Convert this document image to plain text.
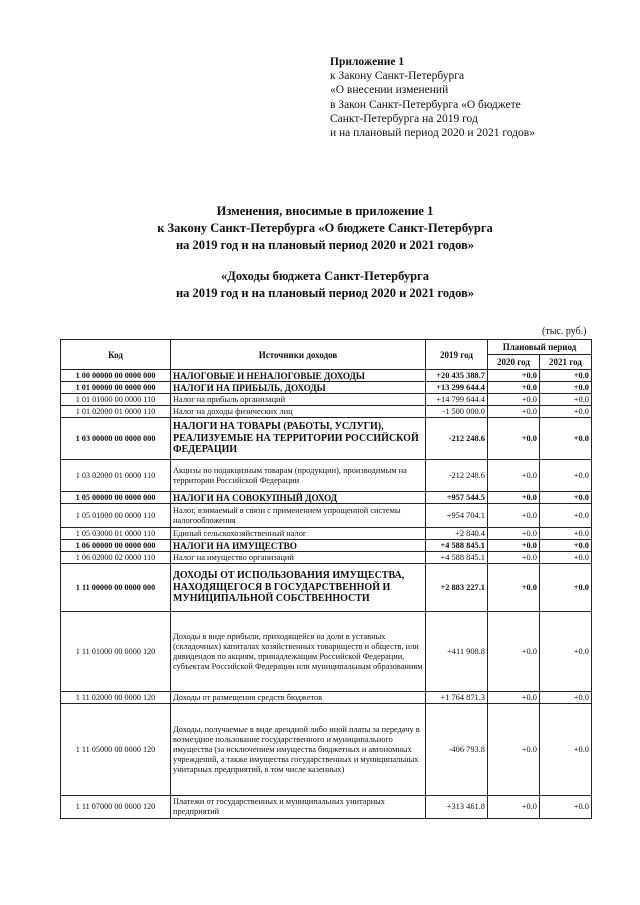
Приложение 1
к Закону Санкт-Петербурга
«О внесении изменений
в Закон Санкт-Петербурга «О бюджете
Санкт-Петербурга на 2019 год
и на плановый период 2020 и 2021 годов»
Изменения, вносимые в приложение 1
к Закону Санкт-Петербурга «О бюджете Санкт-Петербурга
на 2019 год и на плановый период 2020 и 2021 годов»
«Доходы бюджета Санкт-Петербурга
на 2019 год и на плановый период 2020 и 2021 годов»
(тыс. руб.)
Код	Источники доходов	2019 год	Плановый период	
			2020 год	2021 год
1 00 00000 00 0000 000	НАЛОГОВЫЕ И НЕНАЛОГОВЫЕ ДОХОДЫ	+20 435 388.7	+0.0	+0.0
1 01 00000 00 0000 000	НАЛОГИ НА ПРИБЫЛЬ, ДОХОДЫ	+13 299 644.4	+0.0	+0.0
1 01 01000 00 0000 110	Налог на прибыль организаций	+14 799 644.4	+0.0	+0.0
1 01 02000 01 0000 110	Налог на доходы физических лиц	-1 500 000.0	+0.0	+0.0
1 03 00000 00 0000 000	НАЛОГИ НА ТОВАРЫ (РАБОТЫ, УСЛУГИ), РЕАЛИЗУЕМЫЕ НА ТЕРРИТОРИИ РОССИЙСКОЙ ФЕДЕРАЦИИ	-212 248.6	+0.0	+0.0
1 03 02000 01 0000 110	Акцизы по подакцизным товарам (продукции), производимым на территории Российской Федерации	-212 248.6	+0.0	+0.0
1 05 00000 00 0000 000	НАЛОГИ НА СОВОКУПНЫЙ ДОХОД	+957 544.5	+0.0	+0.0
1 05 01000 00 0000 110	Налог, взимаемый в связи с применением упрощенной системы налогообложения	+954 704.1	+0.0	+0.0
1 05 03000 01 0000 110	Единый сельскохозяйственный налог	+2 840.4	+0.0	+0.0
1 06 00000 00 0000 000	НАЛОГИ НА ИМУЩЕСТВО	+4 588 845.1	+0.0	+0.0
1 06 02000 02 0000 110	Налог на имущество организаций	+4 588 845.1	+0.0	+0.0
1 11 00000 00 0000 000	ДОХОДЫ ОТ ИСПОЛЬЗОВАНИЯ ИМУЩЕСТВА, НАХОДЯЩЕГОСЯ В ГОСУДАРСТВЕННОЙ И МУНИЦИПАЛЬНОЙ СОБСТВЕННОСТИ	+2 883 227.1	+0.0	+0.0
1 11 01000 00 0000 120	Доходы в виде прибыли, приходящейся на доли в уставных (складочных) капиталах хозяйственных товариществ и обществ, или дивидендов по акциям, принадлежащим Российской Федерации, субъектам Российской Федерации или муниципальным образованиям	+411 908.8	+0.0	+0.0
1 11 02000 00 0000 120	Доходы от размещения средств бюджетов	+1 764 871.3	+0.0	+0.0
1 11 05000 00 0000 120	Доходы, получаемые в виде арендной либо иной платы за передачу в возмездное пользование государственного и муниципального имущества (за исключением имущества бюджетных и автономных учреждений, а также имущества государственных и муниципальных унитарных предприятий, в том числе казенных)	-406 793.8	+0.0	+0.0
1 11 07000 00 0000 120	Платежи от государственных и муниципальных унитарных предприятий	+313 461.8	+0.0	+0.0
